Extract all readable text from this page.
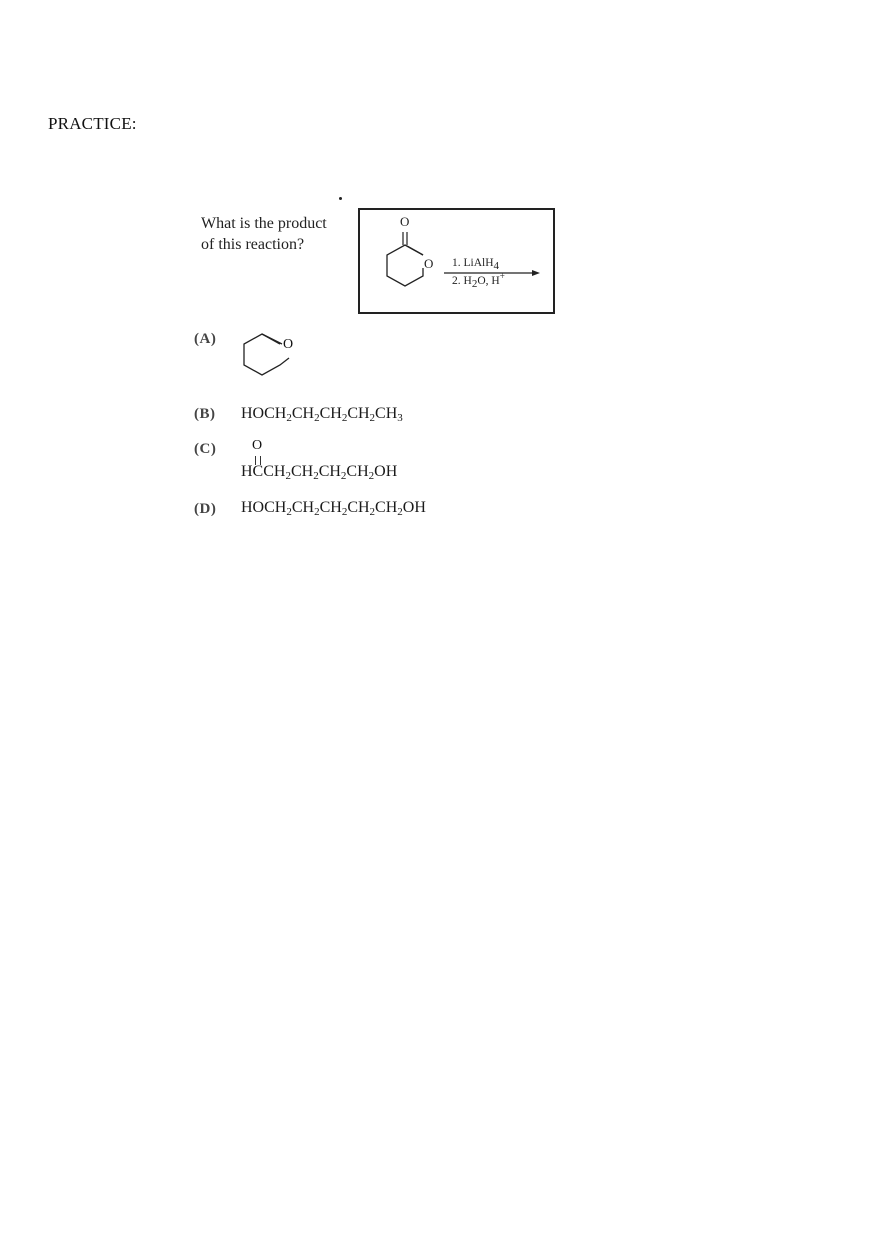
PRACTICE:
What is the product
of this reaction?
O
O 1. LiAlH$_4$
2. $H_2O$, H+
(A)	O
(B) $HOCH_2CH_2CH_2CH_2CH_3$
(C)	O
$HCCH_2CH_2CH_2CH_2OH$
(D) $HOCH_2CH_2CH_2CH_2CH_2OH$
